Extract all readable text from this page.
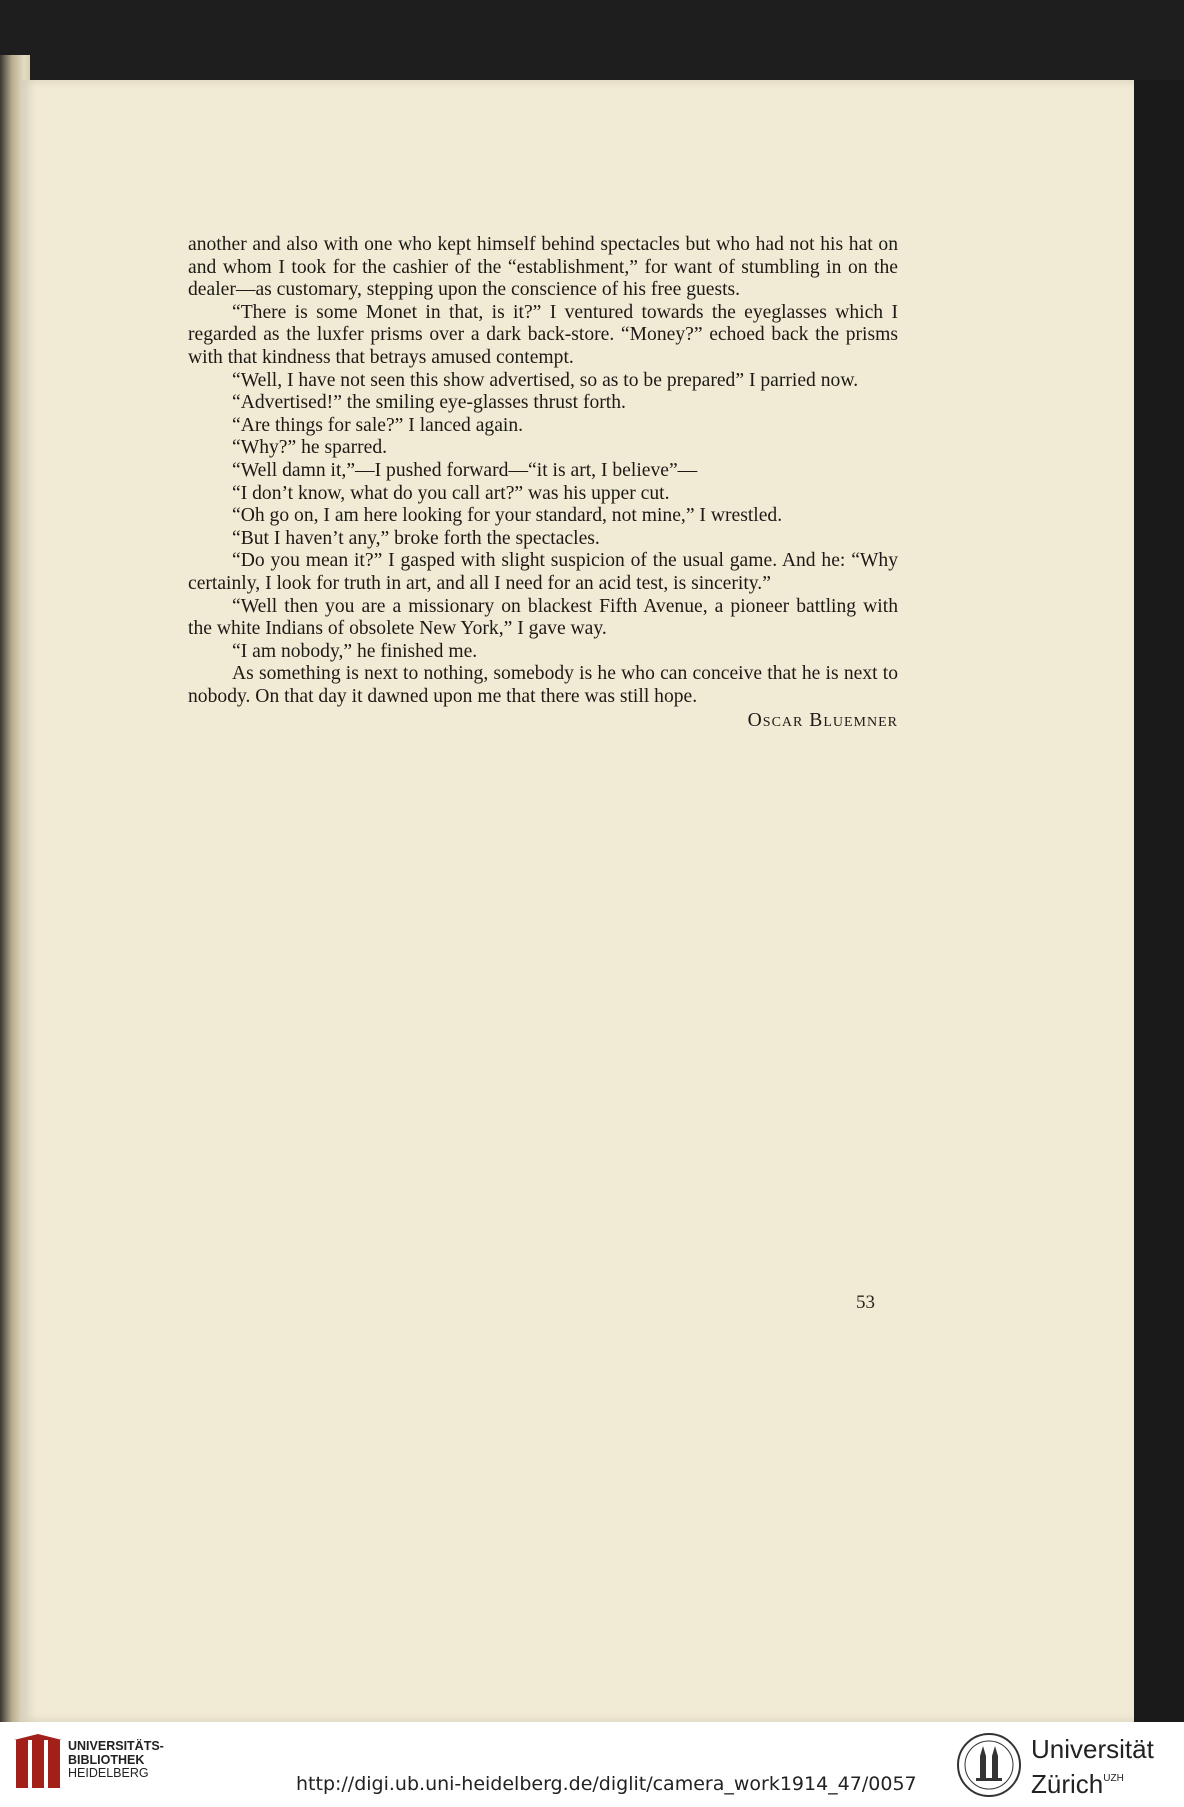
another and also with one who kept himself behind spectacles but who had not his hat on and whom I took for the cashier of the “establishment,” for want of stumbling in on the dealer—as customary, stepping upon the conscience of his free guests.

“There is some Monet in that, is it?” I ventured towards the eyeglasses which I regarded as the luxfer prisms over a dark back-store. “Money?” echoed back the prisms with that kindness that betrays amused contempt.

“Well, I have not seen this show advertised, so as to be prepared” I parried now.

“Advertised!” the smiling eye-glasses thrust forth.

“Are things for sale?” I lanced again.

“Why?” he sparred.

“Well damn it,”—I pushed forward—“it is art, I believe”—

“I don’t know, what do you call art?” was his upper cut.

“Oh go on, I am here looking for your standard, not mine,” I wrestled.

“But I haven’t any,” broke forth the spectacles.

“Do you mean it?” I gasped with slight suspicion of the usual game. And he: “Why certainly, I look for truth in art, and all I need for an acid test, is sincerity.”

“Well then you are a missionary on blackest Fifth Avenue, a pioneer battling with the white Indians of obsolete New York,” I gave way.

“I am nobody,” he finished me.

As something is next to nothing, somebody is he who can conceive that he is next to nobody. On that day it dawned upon me that there was still hope.

Oscar Bluemner
53
UNIVERSITÄTS-
BIBLIOTHEK
HEIDELBERG	http://digi.ub.uni-heidelberg.de/diglit/camera_work1914_47/0057
Universität
Zürich$^{UZH}$
